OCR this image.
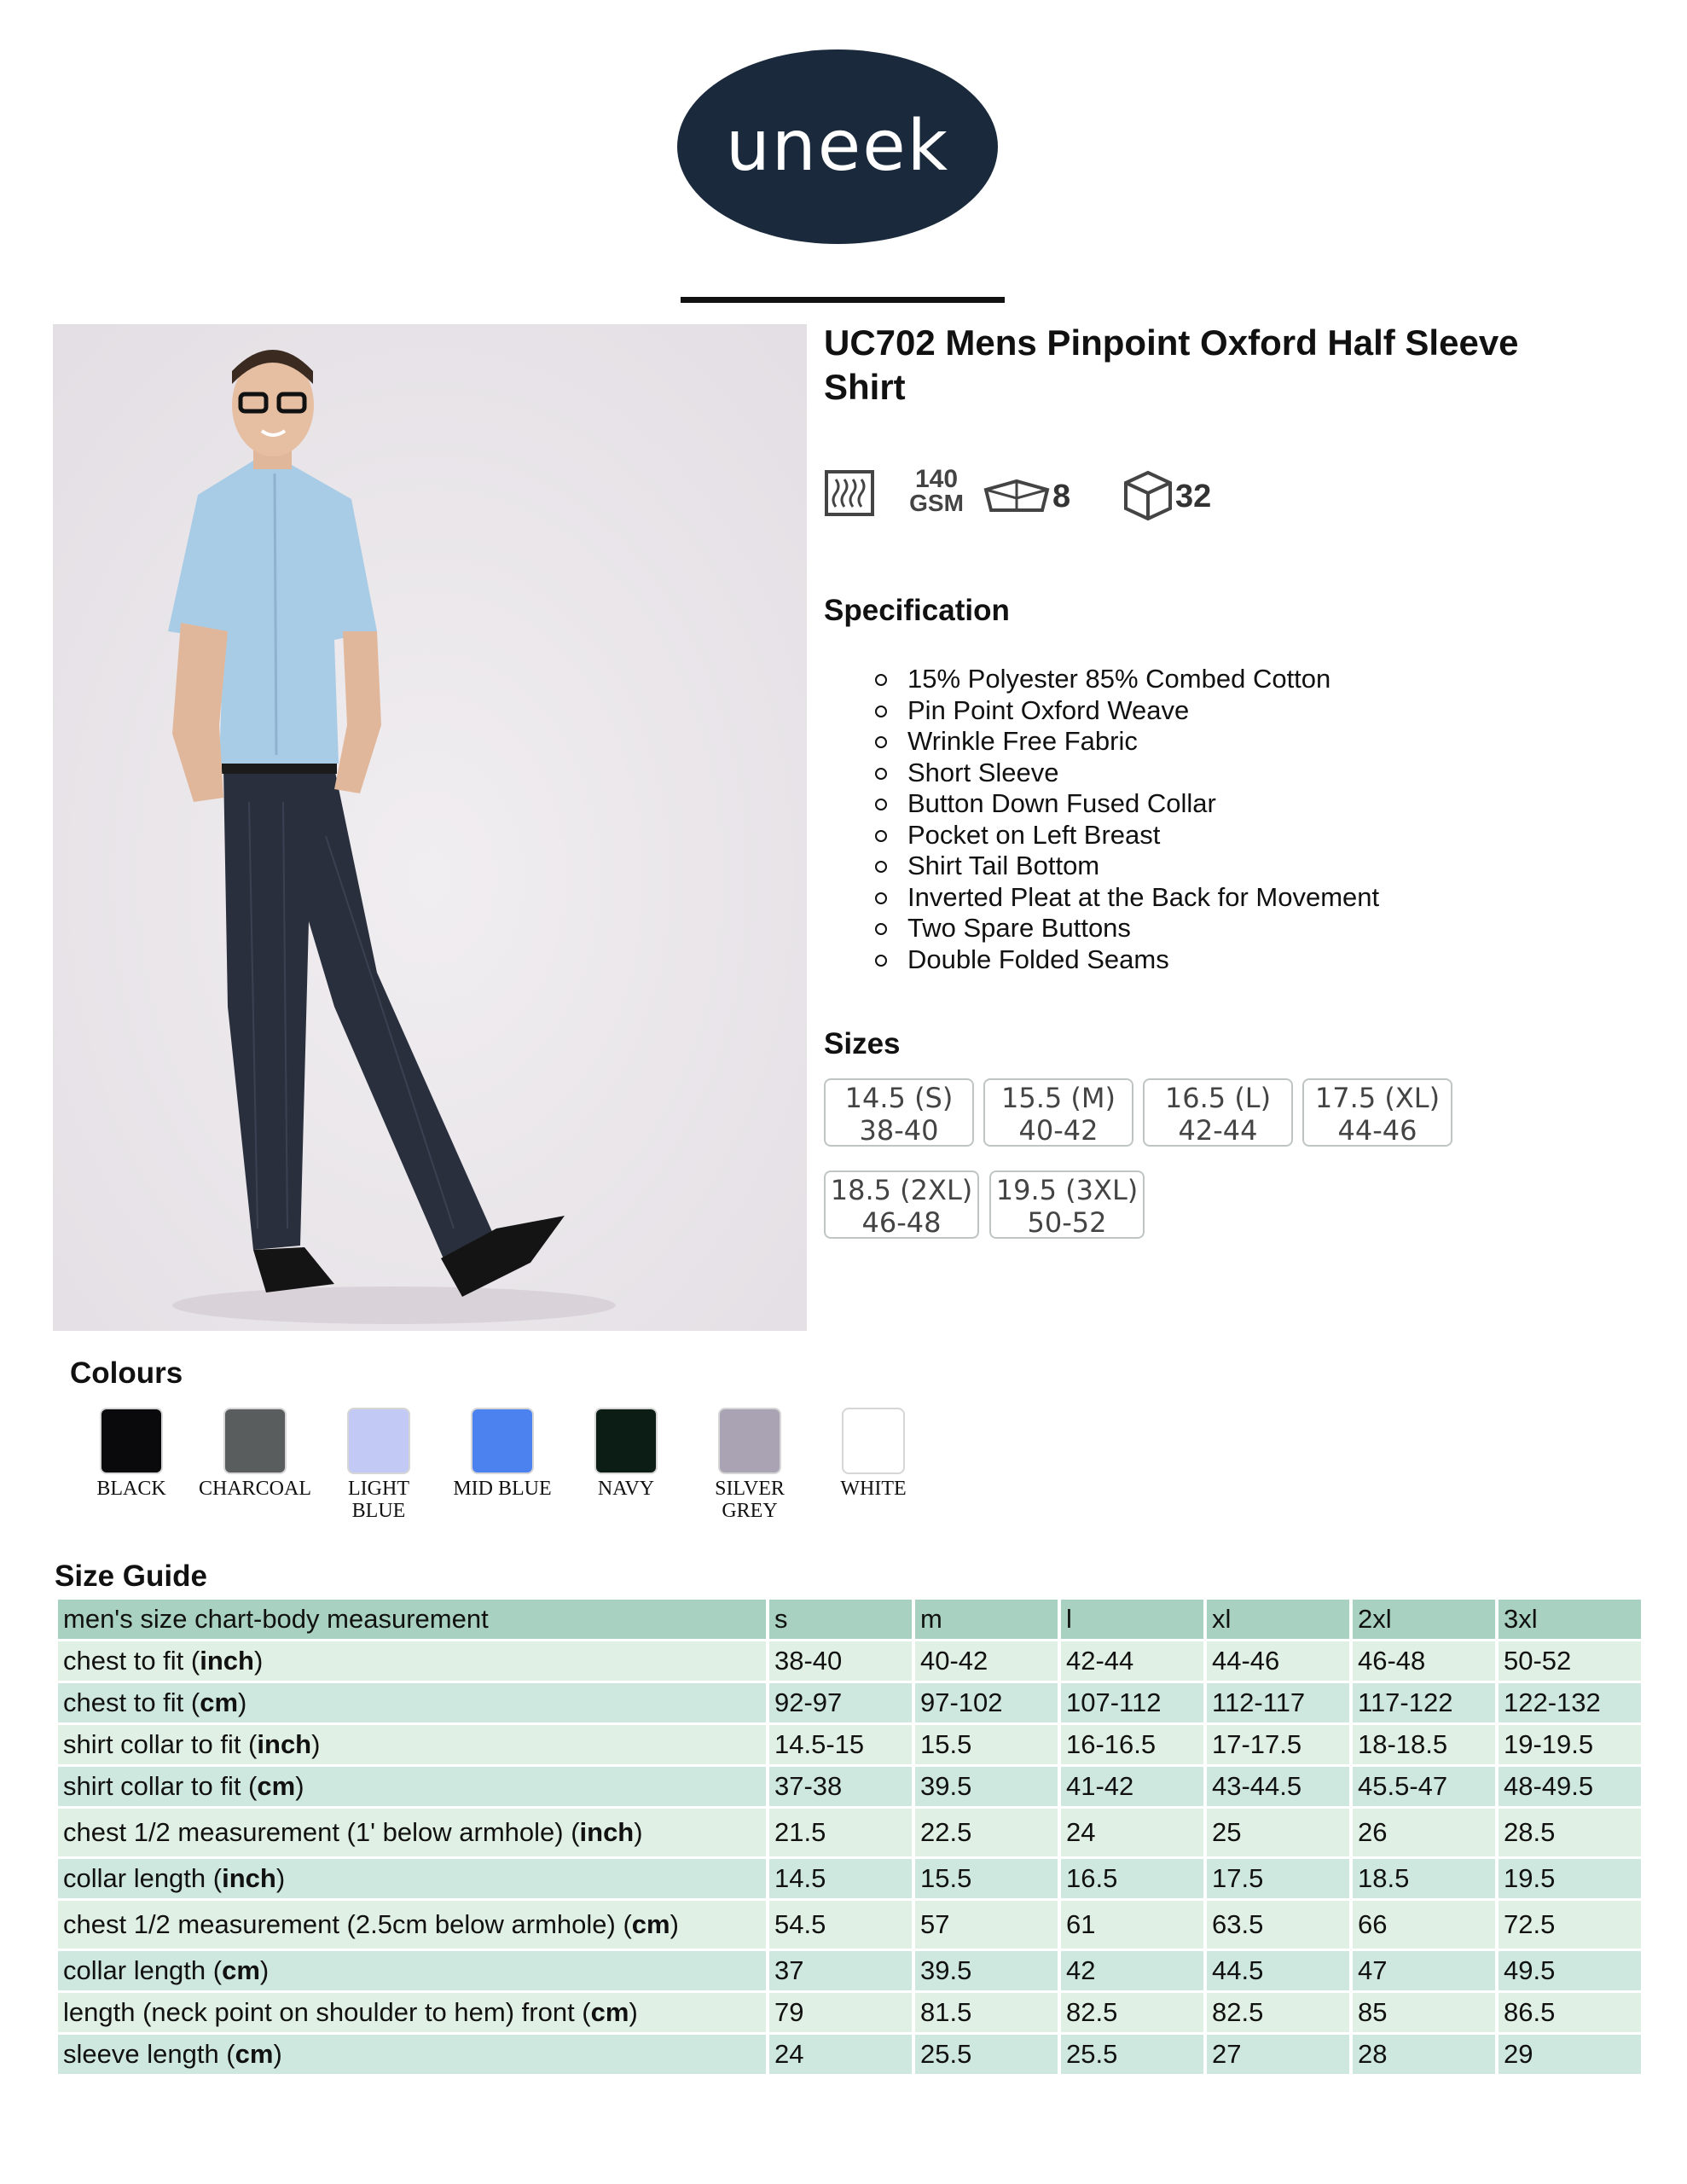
uneek
UC702 Mens Pinpoint Oxford Half Sleeve Shirt
140
GSM	8	32
Specification
15% Polyester 85% Combed Cotton
Pin Point Oxford Weave
Wrinkle Free Fabric
Short Sleeve
Button Down Fused Collar
Pocket on Left Breast
Shirt Tail Bottom
Inverted Pleat at the Back for Movement
Two Spare Buttons
Double Folded Seams
Sizes
14.5 (S)
38-40
15.5 (M)
40-42
16.5 (L)
42-44
17.5 (XL)
44-46
18.5 (2XL)
46-48
19.5 (3XL)
50-52
Colours
BLACK	CHARCOAL	LIGHT
BLUE
MID BLUE	NAVY	SILVER
GREY
WHITE
Size Guide
men's size chart-body measurement	s	m	l	xl	2xl	3xl
chest to fit (inch)	38-40	40-42	42-44	44-46	46-48	50-52
chest to fit (cm)	92-97	97-102	107-112	112-117	117-122	122-132
shirt collar to fit (inch)	14.5-15	15.5	16-16.5	17-17.5	18-18.5	19-19.5
shirt collar to fit (cm)	37-38	39.5	41-42	43-44.5	45.5-47	48-49.5
chest 1/2 measurement (1' below armhole) (inch)	21.5	22.5	24	25	26	28.5
collar length (inch)	14.5	15.5	16.5	17.5	18.5	19.5
chest 1/2 measurement (2.5cm below armhole) (cm)	54.5	57	61	63.5	66	72.5
collar length (cm)	37	39.5	42	44.5	47	49.5
length (neck point on shoulder to hem) front (cm)	79	81.5	82.5	82.5	85	86.5
sleeve length (cm)	24	25.5	25.5	27	28	29
